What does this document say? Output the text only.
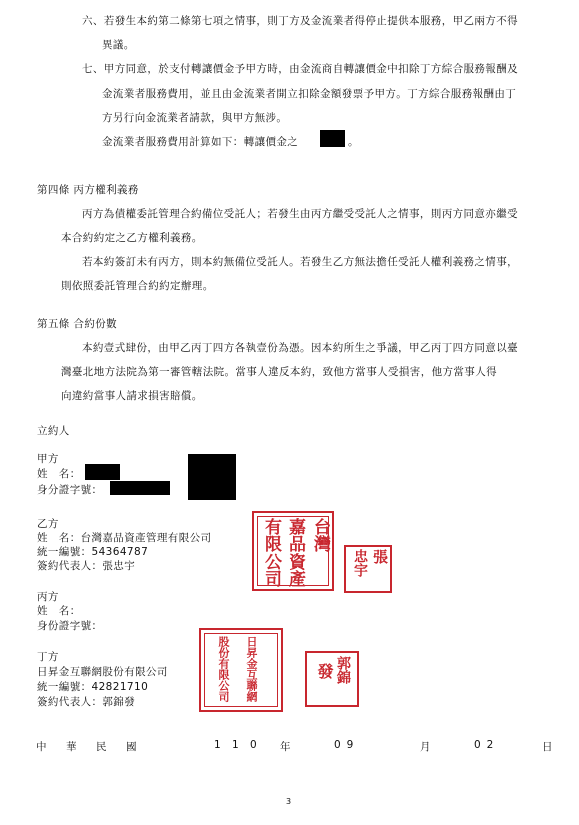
六、若發生本約第二條第七項之情事，則丁方及金流業者得停止提供本服務，甲乙兩方不得
異議。
七、甲方同意，於支付轉讓價金予甲方時，由金流商自轉讓價金中扣除丁方綜合服務報酬及
金流業者服務費用，並且由金流業者開立扣除金額發票予甲方。丁方綜合服務報酬由丁
方另行向金流業者請款，與甲方無涉。
金流業者服務費用計算如下：轉讓價金之	。
第四條 丙方權利義務
丙方為債權委託管理合約備位受託人；若發生由丙方繼受受託人之情事，則丙方同意亦繼受
本合約約定之乙方權利義務。
若本約簽訂未有丙方，則本約無備位受託人。若發生乙方無法擔任受託人權利義務之情事，
則依照委託管理合約約定辦理。
第五條 合約份數
本約壹式肆份，由甲乙丙丁四方各執壹份為憑。因本約所生之爭議，甲乙丙丁四方同意以臺
灣臺北地方法院為第一審管轄法院。當事人違反本約，致他方當事人受損害，他方當事人得
向違約當事人請求損害賠償。
立約人
甲方
姓　名：
身分證字號：
乙方
姓　名：台灣嘉品資產管理有限公司
統一編號：54364787
簽約代表人：張忠宇
丙方
姓　名：
身份證字號：
丁方
日昇金互聯網股份有限公司
統一編號：42821710
簽約代表人：郭錦發
台灣
嘉品
資產
有限
公司	張
忠宇
日昇金互聯網
股份有限公司	郭錦
發
中 華 民 國	1 1 0 年	09	月	02	日
3
